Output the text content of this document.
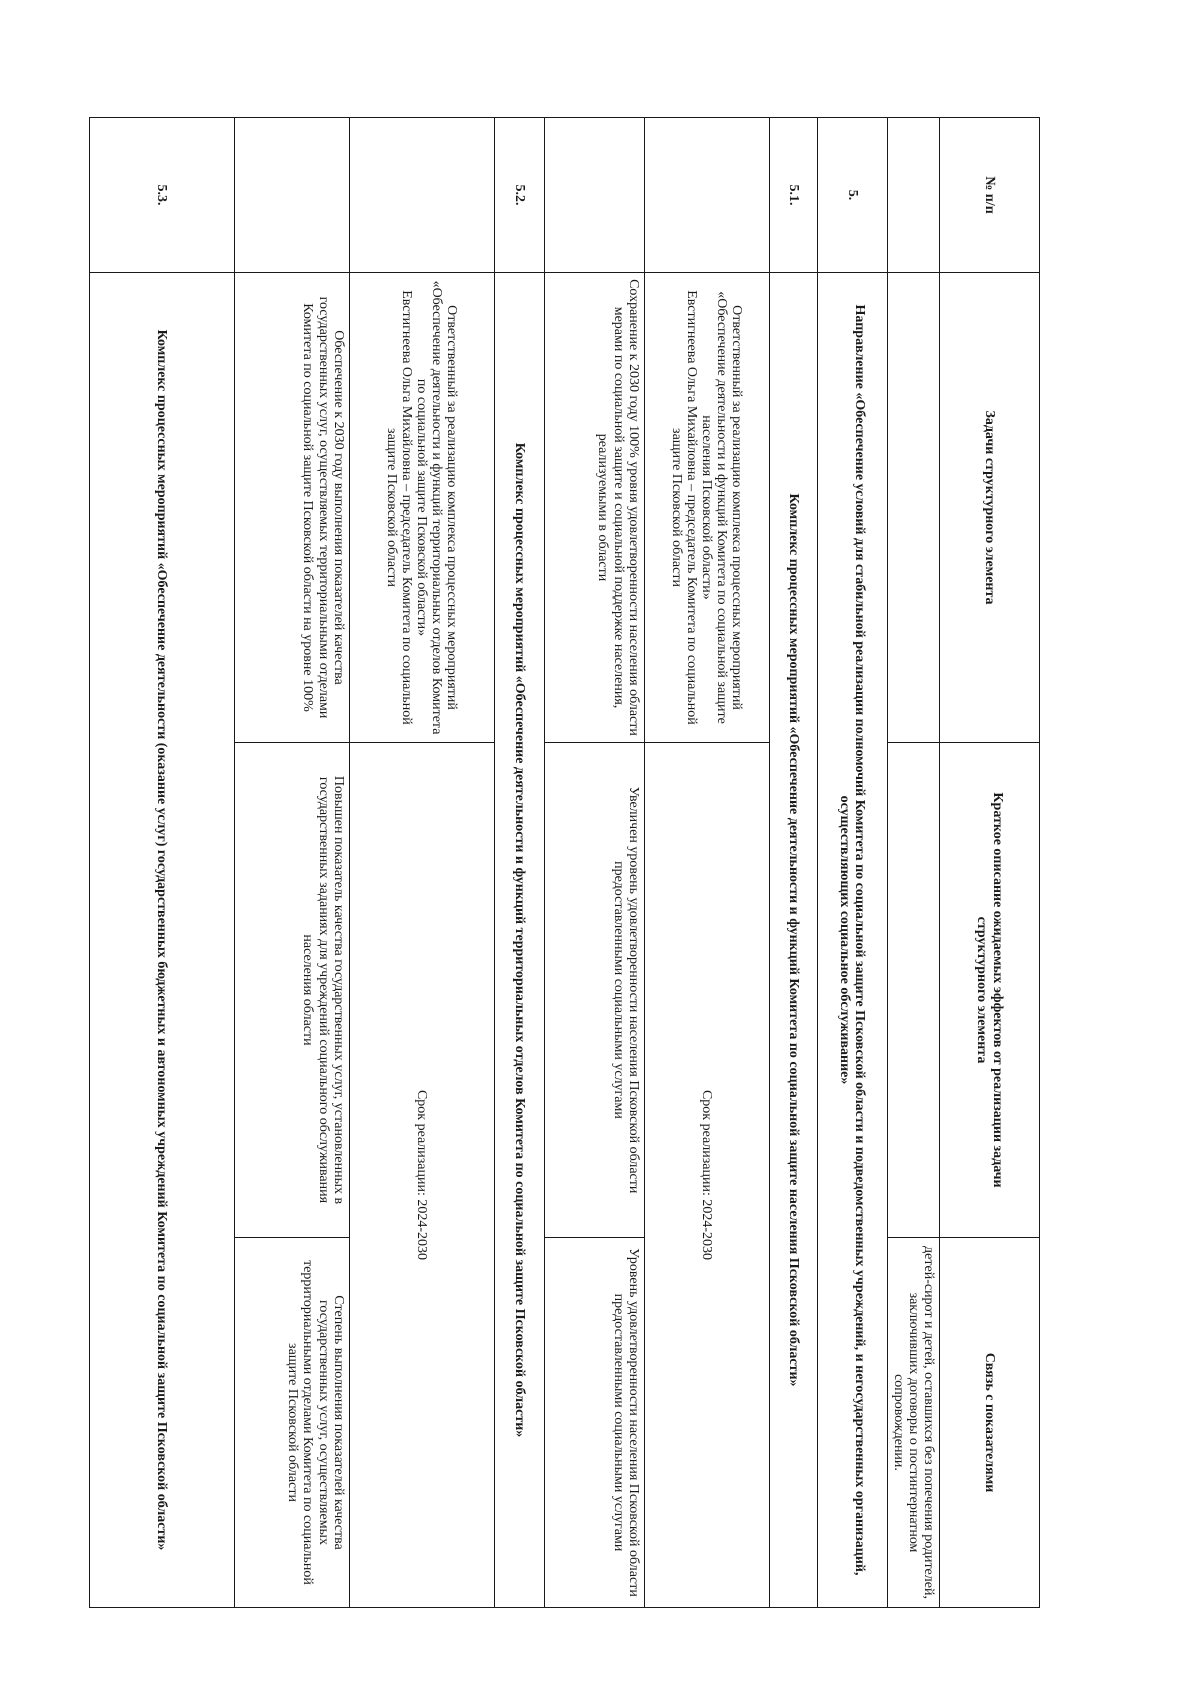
№ п/п	Задачи структурного элемента	Краткое описание ожидаемых эффектов от реализации задачи структурного элемента	Связь с показателями
			детей-сирот и детей, оставшихся без попечения родителей, заключивших договоры о постинтернатном сопровождении.
5.	Направление «Обеспечение условий для стабильной реализации полномочий Комитета по социальной защите Псковской области и подведомственных учреждений, и негосударственных организаций, осуществляющих социальное обслуживание»		
5.1.	Комплекс процессных мероприятий «Обеспечение деятельности и функций Комитета по социальной защите населения Псковской области»		

	Ответственный за реализацию комплекса процессных мероприятий «Обеспечение деятельности и функций Комитета по социальной защите населения Псковской области»
Евстигнеева Ольга Михайловна – председатель Комитета по социальной защите Псковской области	Срок реализации: 2024-2030	
	Сохранение к 2030 году 100% уровня удовлетворенности населения области мерами по социальной защите и социальной поддержке населения, реализуемыми в области	Увеличен уровень удовлетворенности населения Псковской области предоставленными социальными услугами	Уровень удовлетворенности населения Псковской области предоставленными социальными услугами
5.2.	Комплекс процессных мероприятий «Обеспечение деятельности и функций территориальных отделов Комитета по социальной защите Псковской области»		

	Ответственный за реализацию комплекса процессных мероприятий «Обеспечение деятельности и функций территориальных отделов Комитета по социальной защите Псковской области»
Евстигнеева Ольга Михайловна – председатель Комитета по социальной защите Псковской области	Срок реализации: 2024-2030	
	Обеспечение к 2030 году выполнения показателей качества государственных услуг, осуществляемых территориальными отделами Комитета по социальной защите Псковской области на уровне 100%	Повышен показатель качества государственных услуг, установленных в государственных заданиях для учреждений социального обслуживания населения области	Степень выполнения показателей качества государственных услуг, осуществляемых территориальными отделами Комитета по социальной защите Псковской области
5.3.	Комплекс процессных мероприятий «Обеспечение деятельности (оказание услуг) государственных бюджетных и автономных учреждений Комитета по социальной защите Псковской области»		
